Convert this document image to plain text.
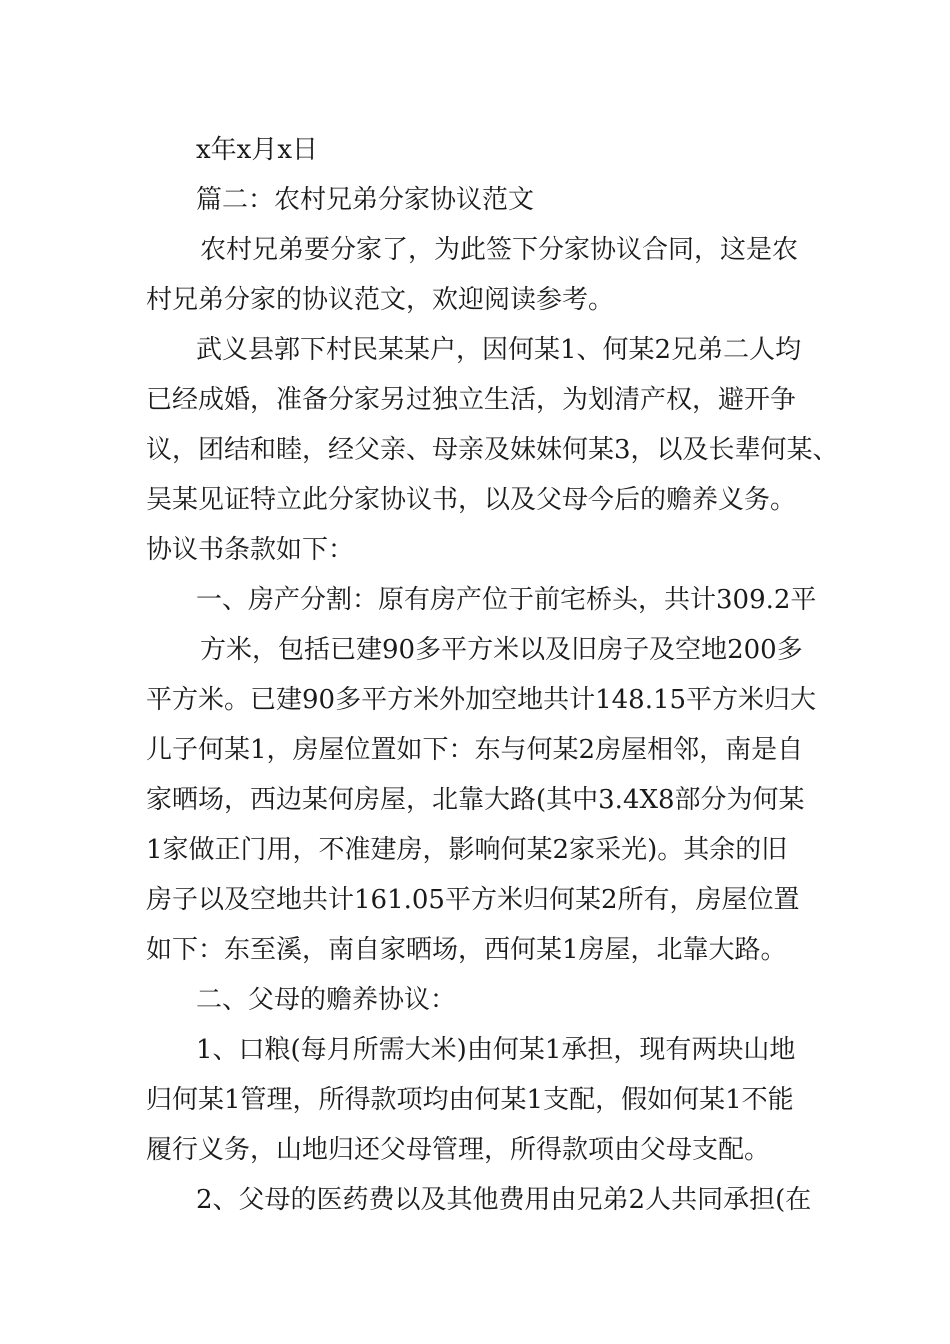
x年x月x日

篇二：农村兄弟分家协议范文

农村兄弟要分家了，为此签下分家协议合同，这是农

村兄弟分家的协议范文，欢迎阅读参考。

武义县郭下村民某某户，因何某1、何某2兄弟二人均

已经成婚，准备分家另过独立生活，为划清产权，避开争

议，团结和睦，经父亲、母亲及妹妹何某3，以及长辈何某、

吴某见证特立此分家协议书，以及父母今后的赡养义务。

协议书条款如下：

一、房产分割：原有房产位于前宅桥头，共计309.2平

方米，包括已建90多平方米以及旧房子及空地200多

平方米。已建90多平方米外加空地共计148.15平方米归大

儿子何某1，房屋位置如下：东与何某2房屋相邻，南是自

家晒场，西边某何房屋，北靠大路(其中3.4X8部分为何某

1家做正门用，不准建房，影响何某2家采光)。其余的旧

房子以及空地共计161.05平方米归何某2所有，房屋位置

如下：东至溪，南自家晒场，西何某1房屋，北靠大路。

二、父母的赡养协议：

1、口粮(每月所需大米)由何某1承担，现有两块山地

归何某1管理，所得款项均由何某1支配，假如何某1不能

履行义务，山地归还父母管理，所得款项由父母支配。

2、父母的医药费以及其他费用由兄弟2人共同承担(在
